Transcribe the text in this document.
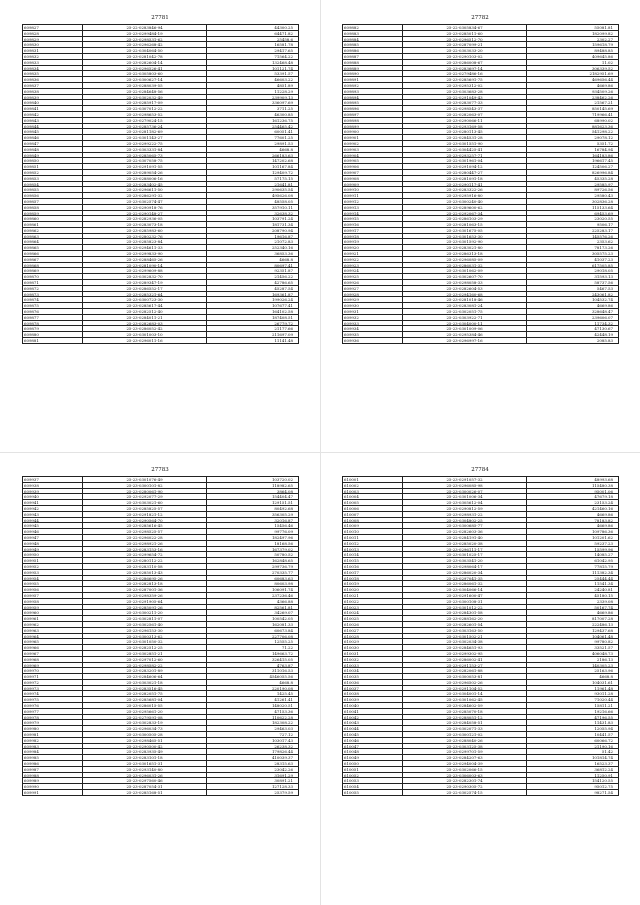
27781
609827	25-22-0283846-94	44300.25
609828	25-23-0299484-19	64471.82
609829	25-23-0298531-62	25458.6
609830	25-23-0296268-42	16581.78
609831	25-22-0304064-50	29417.65
609832	25-23-0281042-78	71564.22
609833	25-23-0282604-14	132468.48
609834	25-23-0296526-41	101121.74
609835	25-22-0305803-60	53391.57
609836	25-23-0300627-14	46603.22
609837	25-23-0288039-55	4851.89
609838	25-22-0284648-56	11228.29
609839	25-23-0302032-49	239909.13
609840	25-23-0285917-09	336097.69
609841	25-22-0307012-22	3711.25
609842	25-23-0298653-52	46300.85
609843	25-23-0279024-15	161236.75
609844	25-23-0285736-24	254465.42
609845	25-23-0281182-69	60051.41
609846	25-22-0301143-27	77601.25
609847	25-23-0299222-75	29891.53
609848	25-23-0303331-84	4668.8
609849	25-23-0285065-73	266183.63
609850	25-22-0307058-75	147202.68
609851	25-23-0291091-55	101167.84
609852	25-23-0289054-26	129409.72
609853	25-23-0288006-16	57175.15
609854	25-23-0283402-45	21641.81
609855	25-23-0296611-50	290635.54
609856	25-23-0286291-32	495626.08
609857	25-23-0302574-47	48558.05
609858	25-23-0290918-76	357910.11
609859	25-22-0290148-27	32638.32
609860	25-23-0282936-05	103791.24
609861	25-23-0283073-18	181731.34
609862	25-23-0285983-60	208790.94
609863	25-23-0280232-76	19616.87
609864	25-23-0285823-84	21072.83
609865	25-23-0294611-33	252340.16
609866	25-23-0299833-90	36853.36
609867	25-23-0288465-26	4668.8
609868	25-23-0281090-14	80697.41
609869	25-22-0299609-88	92351.87
609870	25-23-0302832-70	21456.22
609871	25-23-0289347-19	42786.65
609872	25-23-0286552-17	45287.54
609873	25-23-0285321-64	169361.87
609874	25-23-0300723-30	199026.24
609875	25-23-0285617-44	107677.41
609876	25-23-0282512-40	164102.58
609877	25-23-0284011-21	187408.51
609878	25-23-0282683-03	26779.72
609879	25-23-0286052-42	21177.66
609880	25-23-0301003-10	211697.09
609881	25-23-0296011-16	11141.48
27782
609882	25-22-0305834-67	55081.81
609883	25-23-0285011-60	182099.82
609884	25-23-0296512-70	2302.27
609885	25-23-0287099-21	159618.79
609886	25-22-0303033-20	89488.85
609887	25-23-0290103-02	409645.86
609888	25-23-0286008-67	11.02
609889	25-23-0283697-14	306339.52
609890	25-22-0279486-16	2182951.69
609891	25-23-0285691-75	469656.44
609892	25-23-0295312-02	4669.86
609893	25-23-0303683-28	934509.26
609894	25-22-0291049-43	238462.26
609895	25-23-0283077-33	21567.21
609896	25-22-0298543-37	850145.69
609897	25-22-0282063-07	719966.41
609898	25-23-0290066-11	68990.02
609899	25-23-0293169-58	881623.36
609900	25-23-0280113-45	541298.22
609901	25-22-0284531-28	29078.12
609902	25-23-0301551-90	5351.72
609903	25-22-0304425-41	16784.94
609904	25-23-0293257-71	164183.86
609905	25-22-0301961-04	196617.45
609906	25-23-0291094-12	124506.27
609907	25-22-0280447-27	826996.84
609908	25-23-0281091-18	45335.28
609909	25-23-0290117-41	29585.97
609910	25-23-0283322-26	89726.56
609911	25-23-0295916-80	29580.43
609912	25-23-0300240-40	302836.28
609913	25-23-0289600-62	115133.64
609914	25-22-0292067-34	69453.69
609915	25-22-0286103-29	23020.55
609916	25-23-0281063-15	9506.17
609917	25-23-0301675-05	225283.17
609918	25-23-0301653-30	145576.26
609919	25-23-0301592-90	2353.62
609920	25-23-0283021-80	78173.26
609921	25-23-0286313-18	305575.23
609922	25-23-0296085-09	41037.23
609923	25-23-0286031-32	617505.85
609924	25-23-0301062-09	29018.05
609925	25-22-0302607-70	31593.13
609926	25-23-0298058-33	58737.56
609927	25-23-0282604-53	5467.53
609928	25-23-0294160-68	243061.82
609929	25-23-0281018-46	104532.74
609930	25-23-0283081-24	4669.86
609931	25-22-0302051-75	328648.47
609932	25-22-0303922-71	239606.07
609933	25-23-0304000-11	11734.32
609934	25-23-0301009-06	47130.67
609935	25-22-0295384-46	42448.19
609936	25-23-0296997-16	2085.83
27783
609937	25-23-0301076-49	103720.02
609938	25-23-0300101-82	118982.65
609939	25-23-0280061-90	3864.08
609940	25-23-0292077-29	154404.47
609941	25-23-0303021-60	129151.51
609942	25-23-0285825-57	80492.68
609943	25-23-0291821-12	356305.29
609944	25-23-0290564-70	32016.87
609945	25-23-0285616-45	15456.46
609946	25-23-0298525-57	99776.09
609947	25-22-0296022-28	182497.96
609948	25-22-0298921-26	18168.56
609949	25-23-0283153-16	167379.02
609950	25-22-0299654-72	50780.52
609951	25-23-0280112-22	162848.65
609952	25-23-0283110-58	299736.79
609953	25-23-0285013-43	270335.77
609954	25-23-0286695-26	60683.63
609955	25-23-0282813-18	80603.98
609956	25-23-0287001-36	106091.74
609957	25-23-0298359-26	237236.46
609958	25-23-0291905-64	4366.88
609959	25-23-0285091-26	82561.81
609960	25-23-0300211-20	34269.07
609961	25-22-0302811-07	100542.05
609962	25-23-0302561-40	162081.33
609963	25-23-0296153-30	60673.84
609964	25-23-0300313-62	227706.08
609965	25-23-0301050-32	12555.25
609966	25-23-0282512-25	71.22
609967	25-23-0302851-21	149663.72
609968	25-23-0297012-60	326415.05
609969	25-22-0298582-22	4763.87
609970	25-23-0283201-89	311016.53
609971	25-23-0284606-64	4546055.56
609972	25-23-0303021-18	4668.8
609973	25-23-0283516-45	220190.08
609974	25-23-0282051-75	1425.45
609975	25-23-0285681-04	41261.41
609976	25-23-0286015-55	148020.51
609977	25-23-0295661-20	47153.36
609978	25-22-0279591-08	110622.28
609979	25-23-0302833-19	182308.22
609980	25-22-0296034-73	29463.03
609981	25-23-0300505-28	727.12
609982	25-23-0298465-51	103017.43
609983	25-23-0290500-42	26238.32
609984	25-23-0283935-49	179826.44
609985	25-23-0283101-18	410039.37
609986	25-23-0301651-31	28315.63
609987	25-23-0293140-80	23042.26
609988	25-23-0296031-26	31691.29
609989	25-23-0297560-46	30891.21
609990	25-23-0287054-31	127128.33
609991	25-23-0285168-51	25379.59
27784
610001	25-23-0291057-32	48993.68
610002	25-23-0296085-98	115480.38
610003	25-23-0300026-07	95001.06
610004	25-22-0301006-34	47679.18
610005	25-23-0305612-04	23153.24
610006	25-23-0290812-59	421460.16
610007	25-23-0298931-22	4669.86
610008	25-23-0304802-25	78183.82
610009	25-23-0300685-77	4669.86
610010	25-22-0282603-36	109786.36
610011	25-22-0284191-40	101201.62
610012	25-23-0285020-38	59237.23
610013	25-23-0296111-17	15599.96
610014	25-23-0301025-17	14085.27
610015	25-23-0303541-20	61042.95
610016	25-23-0298064-17	77815.79
610017	25-23-0286020-34	111382.34
610018	25-23-0297041-35	25444.44
610019	25-23-0286061-32	11541.34
610020	25-23-0304066-14	24240.81
610021	25-23-0291600-47	45180.15
610022	25-23-0300108-31	2339.08
610023	25-23-0301012-22	50167.74
610024	25-23-0284301-58	4669.86
610025	25-23-0288162-20	817007.28
610026	25-23-0282601-54	222486.13
610027	25-23-0303163-50	129437.68
610028	25-23-0301502-21	104061.48
610029	25-23-0302034-38	99780.82
610030	25-23-0284651-93	33521.57
610031	25-23-0299302-95	406048.73
610032	25-23-0286002-41	2186.13
610033	25-23-0291153-27	140305.23
610034	25-23-0282061-88	25163.96
610035	25-23-0300053-81	4668.8
610036	25-23-0296502-26	104031.61
610037	25-23-0291104-52	11961.48
610038	25-23-0304001-14	93011.28
610039	25-23-0301062-45	71020.44
610040	25-23-0284602-59	15811.21
610041	25-23-0285070-18	19216.66
610042	25-23-0288051-12	47196.55
610043	25-23-0284058-51	11431.83
610044	25-23-0302071-33	12055.94
610045	25-23-0300121-02	10441.57
610046	25-23-0288040-26	60066.72
610047	25-23-0303125-38	21190.16
610048	25-23-0299701-59	51.42
610049	25-23-0284207-63	101814.74
610050	25-23-0294004-39	16523.37
610051	25-23-0302066-15	36812.24
610052	25-23-0306003-63	11250.91
610053	25-23-0282301-74	154120.55
610054	25-23-0290305-72	95012.75
610055	25-22-0302574-15	98271.54
